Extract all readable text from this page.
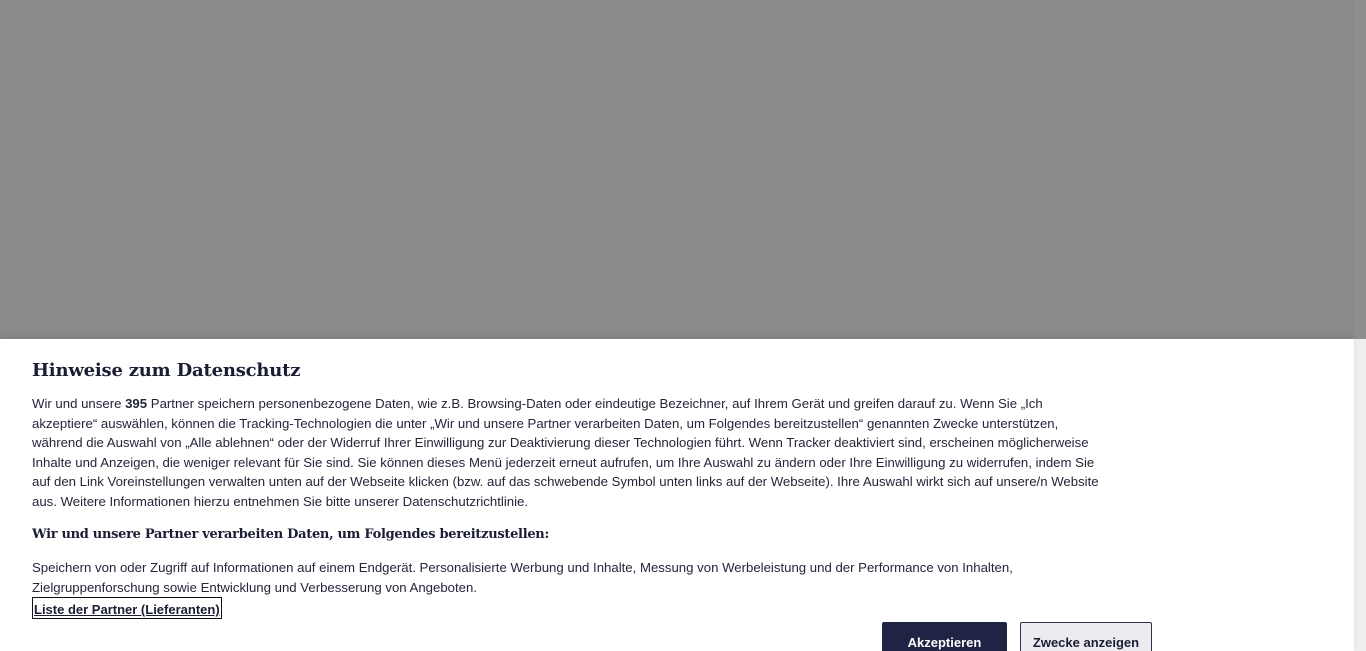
Hinweise zum Datenschutz

Wir und unsere 395 Partner speichern personenbezogene Daten, wie z.B. Browsing-Daten oder eindeutige Bezeichner, auf Ihrem Gerät und greifen darauf zu. Wenn Sie „Ich akzeptiere“ auswählen, können die Tracking-Technologien die unter „Wir und unsere Partner verarbeiten Daten, um Folgendes bereitzustellen“ genannten Zwecke unterstützen, während die Auswahl von „Alle ablehnen“ oder der Widerruf Ihrer Einwilligung zur Deaktivierung dieser Technologien führt. Wenn Tracker deaktiviert sind, erscheinen möglicherweise Inhalte und Anzeigen, die weniger relevant für Sie sind. Sie können dieses Menü jederzeit erneut aufrufen, um Ihre Auswahl zu ändern oder Ihre Einwilligung zu widerrufen, indem Sie auf den Link Voreinstellungen verwalten unten auf der Webseite klicken (bzw. auf das schwebende Symbol unten links auf der Webseite). Ihre Auswahl wirkt sich auf unsere/n Website aus. Weitere Informationen hierzu entnehmen Sie bitte unserer Datenschutzrichtlinie.

Wir und unsere Partner verarbeiten Daten, um Folgendes bereitzustellen:

Speichern von oder Zugriff auf Informationen auf einem Endgerät. Personalisierte Werbung und Inhalte, Messung von Werbeleistung und der Performance von Inhalten, Zielgruppenforschung sowie Entwicklung und Verbesserung von Angeboten.

Liste der Partner (Lieferanten)
Akzeptieren	Zwecke anzeigen
